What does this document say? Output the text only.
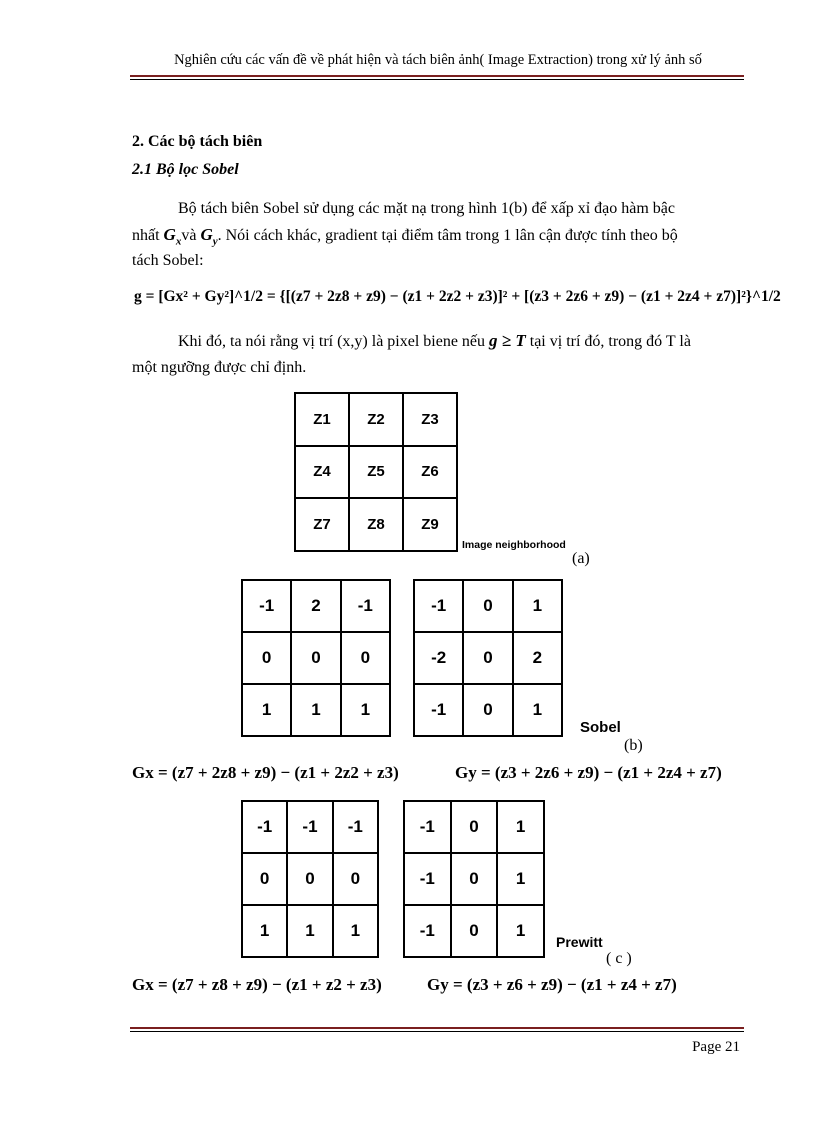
Nghiên cứu các vấn đề về phát hiện và tách biên ảnh( Image Extraction) trong xử lý ảnh số
2. Các bộ tách biên
2.1 Bộ lọc Sobel
Bộ tách biên Sobel sử dụng các mặt nạ trong hình 1(b) để xấp xỉ đạo hàm bậc
nhất $G_xvà$ $G_y$. Nói cách khác, gradient tại điểm tâm trong 1 lân cận được tính theo bộ
tách Sobel:
g = [Gx² + Gy²]^1/2 = {[(z7 + 2z8 + z9) − (z1 + 2z2 + z3)]² + [(z3 + 2z6 + z9) − (z1 + 2z4 + z7)]²}^1/2
Khi đó, ta nói rằng vị trí (x,y) là pixel biene nếu g ≥ T tại vị trí đó, trong đó T là
một ngưỡng được chỉ định.
Z1	Z2	Z3
Z4	Z5	Z6
Z7	Z8	Z9
Image neighborhood
(a)
-1	2	-1
0	0	0
1	1	1
-1	0	1
-2	0	2
-1	0	1
Sobel
(b)
Gx = (z7 + 2z8 + z9) − (z1 + 2z2 + z3)	Gy = (z3 + 2z6 + z9) − (z1 + 2z4 + z7)
-1	-1	-1
0	0	0
1	1	1
-1	0	1
-1	0	1
-1	0	1
Prewitt
( c )
Gx = (z7 + z8 + z9) − (z1 + z2 + z3)	Gy = (z3 + z6 + z9) − (z1 + z4 + z7)
Page 21
